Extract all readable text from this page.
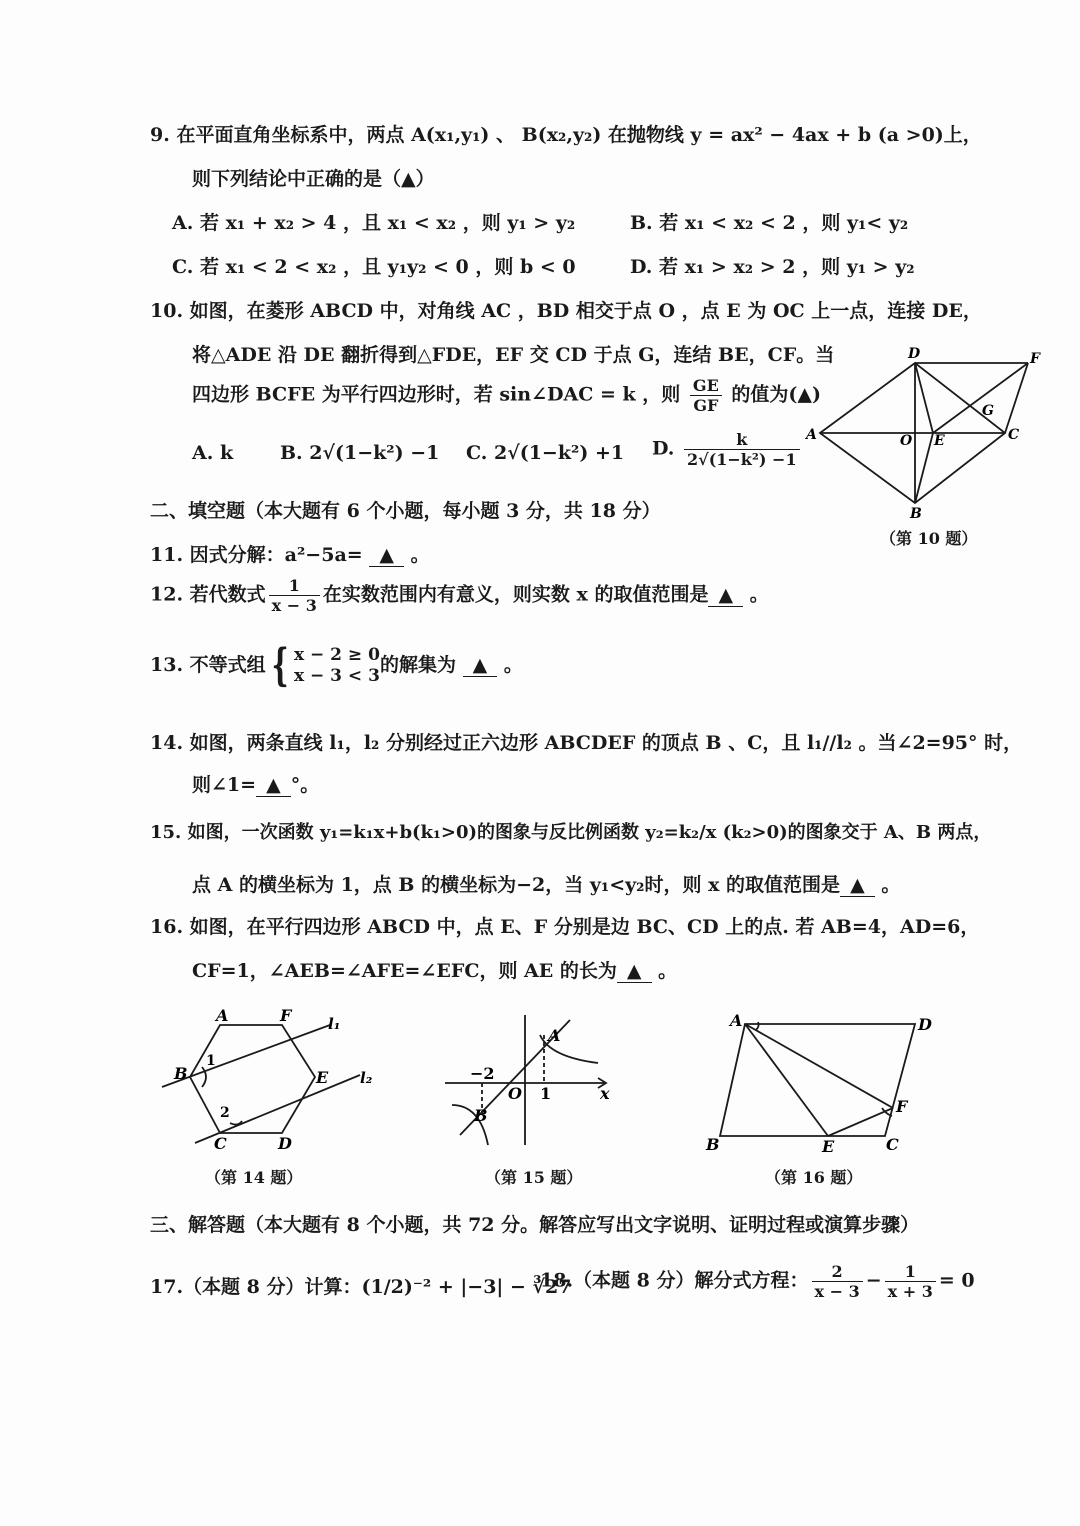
9. 在平面直角坐标系中，两点 A(x₁,y₁) 、 B(x₂,y₂) 在抛物线 y = ax² − 4ax + b (a >0)上，
则下列结论中正确的是（▲）
A. 若 x₁ + x₂ > 4 ，且 x₁ < x₂ ，则 y₁ > y₂	B. 若 x₁ < x₂ < 2 ，则 y₁< y₂
C. 若 x₁ < 2 < x₂ ，且 y₁y₂ < 0 ，则 b < 0	D. 若 x₁ > x₂ > 2 ，则 y₁ > y₂
10. 如图，在菱形 ABCD 中，对角线 AC ，BD 相交于点 O ，点 E 为 OC 上一点，连接 DE，
将△ADE 沿 DE 翻折得到△FDE，EF 交 CD 于点 G，连结 BE，CF。当
四边形 BCFE 为平行四边形时，若 sin∠DAC = k ，则 $\frac{GE}{GF}$ 的值为(▲)
A. k B. 2√(1−k²) −1 C. 2√(1−k²) +1 D. $\frac{k}{\text{2√(1−k²) −1}}$
D	F
A	O E
G
C
B
（第 10 题）
二、填空题（本大题有 6 个小题，每小题 3 分，共 18 分）
11. 因式分解：a²−5a= ▲ 。
12. 若代数式 $\frac{1}{x - 3}$ 在实数范围内有意义，则实数 x 的取值范围是 ▲ 。
13. 不等式组 { x − 2 ≥ 0
x − 3 < 3 的解集为 ▲ 。
14. 如图，两条直线 l₁，l₂ 分别经过正六边形 ABCDEF 的顶点 B 、C，且 l₁//l₂ 。当∠2=95° 时，
则∠1= ▲ °。
15. 如图，一次函数 y₁=k₁x+b(k₁>0)的图象与反比例函数 y₂=k₂/x (k₂>0)的图象交于 A、B 两点，
点 A 的横坐标为 1，点 B 的横坐标为−2，当 y₁<y₂时，则 x 的取值范围是 ▲ 。
16. 如图，在平行四边形 ABCD 中，点 E、F 分别是边 BC、CD 上的点. 若 AB=4，AD=6，
CF=1，∠AEB=∠AFE=∠EFC，则 AE 的长为 ▲ 。
A	F l₁
B
1
E l₂
2
C	D
（第 14 题）
A
−2
O 1	x
B
（第 15 题）
A	D
F
B	E	C
（第 16 题）
三、解答题（本大题有 8 个小题，共 72 分。解答应写出文字说明、证明过程或演算步骤）
17.（本题 8 分）计算：(1/2)⁻² + |−3| − ∛27
18.（本题 8 分）解分式方程： $\frac{2}{x - 3} - \frac{1}{x + 3} = 0$
